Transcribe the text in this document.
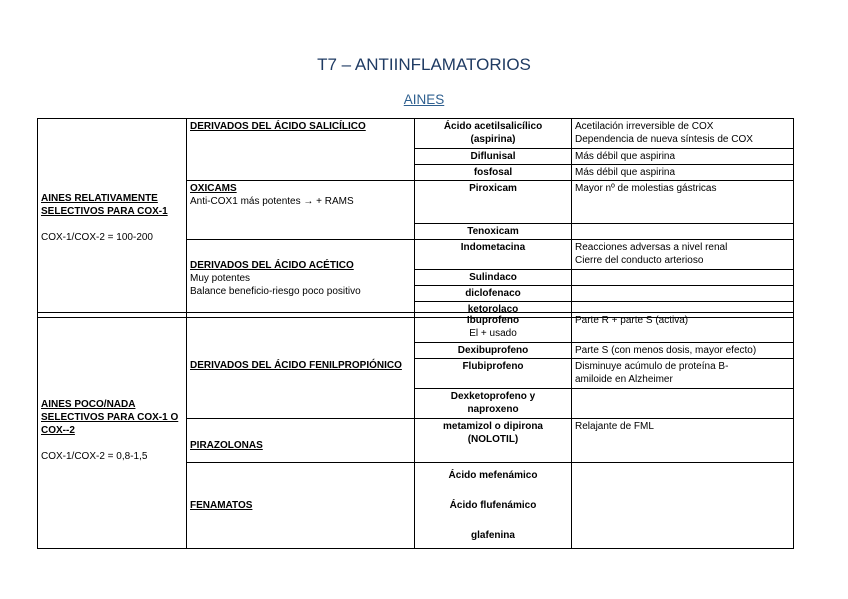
T7 – ANTIINFLAMATORIOS
AINES
AINES RELATIVAMENTE SELECTIVOS PARA COX-1
COX-1/COX-2 = 100-200	DERIVADOS DEL ÁCIDO SALICÍLICO	Ácido acetilsalicílico
(aspirina)	Acetilación irreversible de COX
Dependencia de nueva síntesis de COX

		Diflunisal	Más débil que aspirina
		fosfosal	Más débil que aspirina

	OXICAMS
Anti-COX1 más potentes → + RAMS	Piroxicam	Mayor nº de molestias gástricas
		Tenoxicam	

	DERIVADOS DEL ÁCIDO ACÉTICO
Muy potentes
Balance beneficio-riesgo poco positivo	Indometacina	Reacciones adversas a nivel renal
Cierre del conducto arterioso

		Sulindaco	
		diclofenaco	
		ketorolaco	
AINES POCO/NADA SELECTIVOS PARA COX-1 O COX--2
COX-1/COX-2 = 0,8-1,5	DERIVADOS DEL ÁCIDO FENILPROPIÓNICO	Ibuprofeno
El + usado	Parte R + parte S (activa)
		Dexibuprofeno	Parte S (con menos dosis, mayor efecto)
		Flubiprofeno	Disminuye acúmulo de proteína B-
amiloide en Alzheimer

		Dexketoprofeno y
naproxeno	

	PIRAZOLONAS	metamizol o dipirona
(NOLOTIL)	Relajante de FML

	FENAMATOS	Ácido mefenámico
Ácido flufenámico
glafenina	
